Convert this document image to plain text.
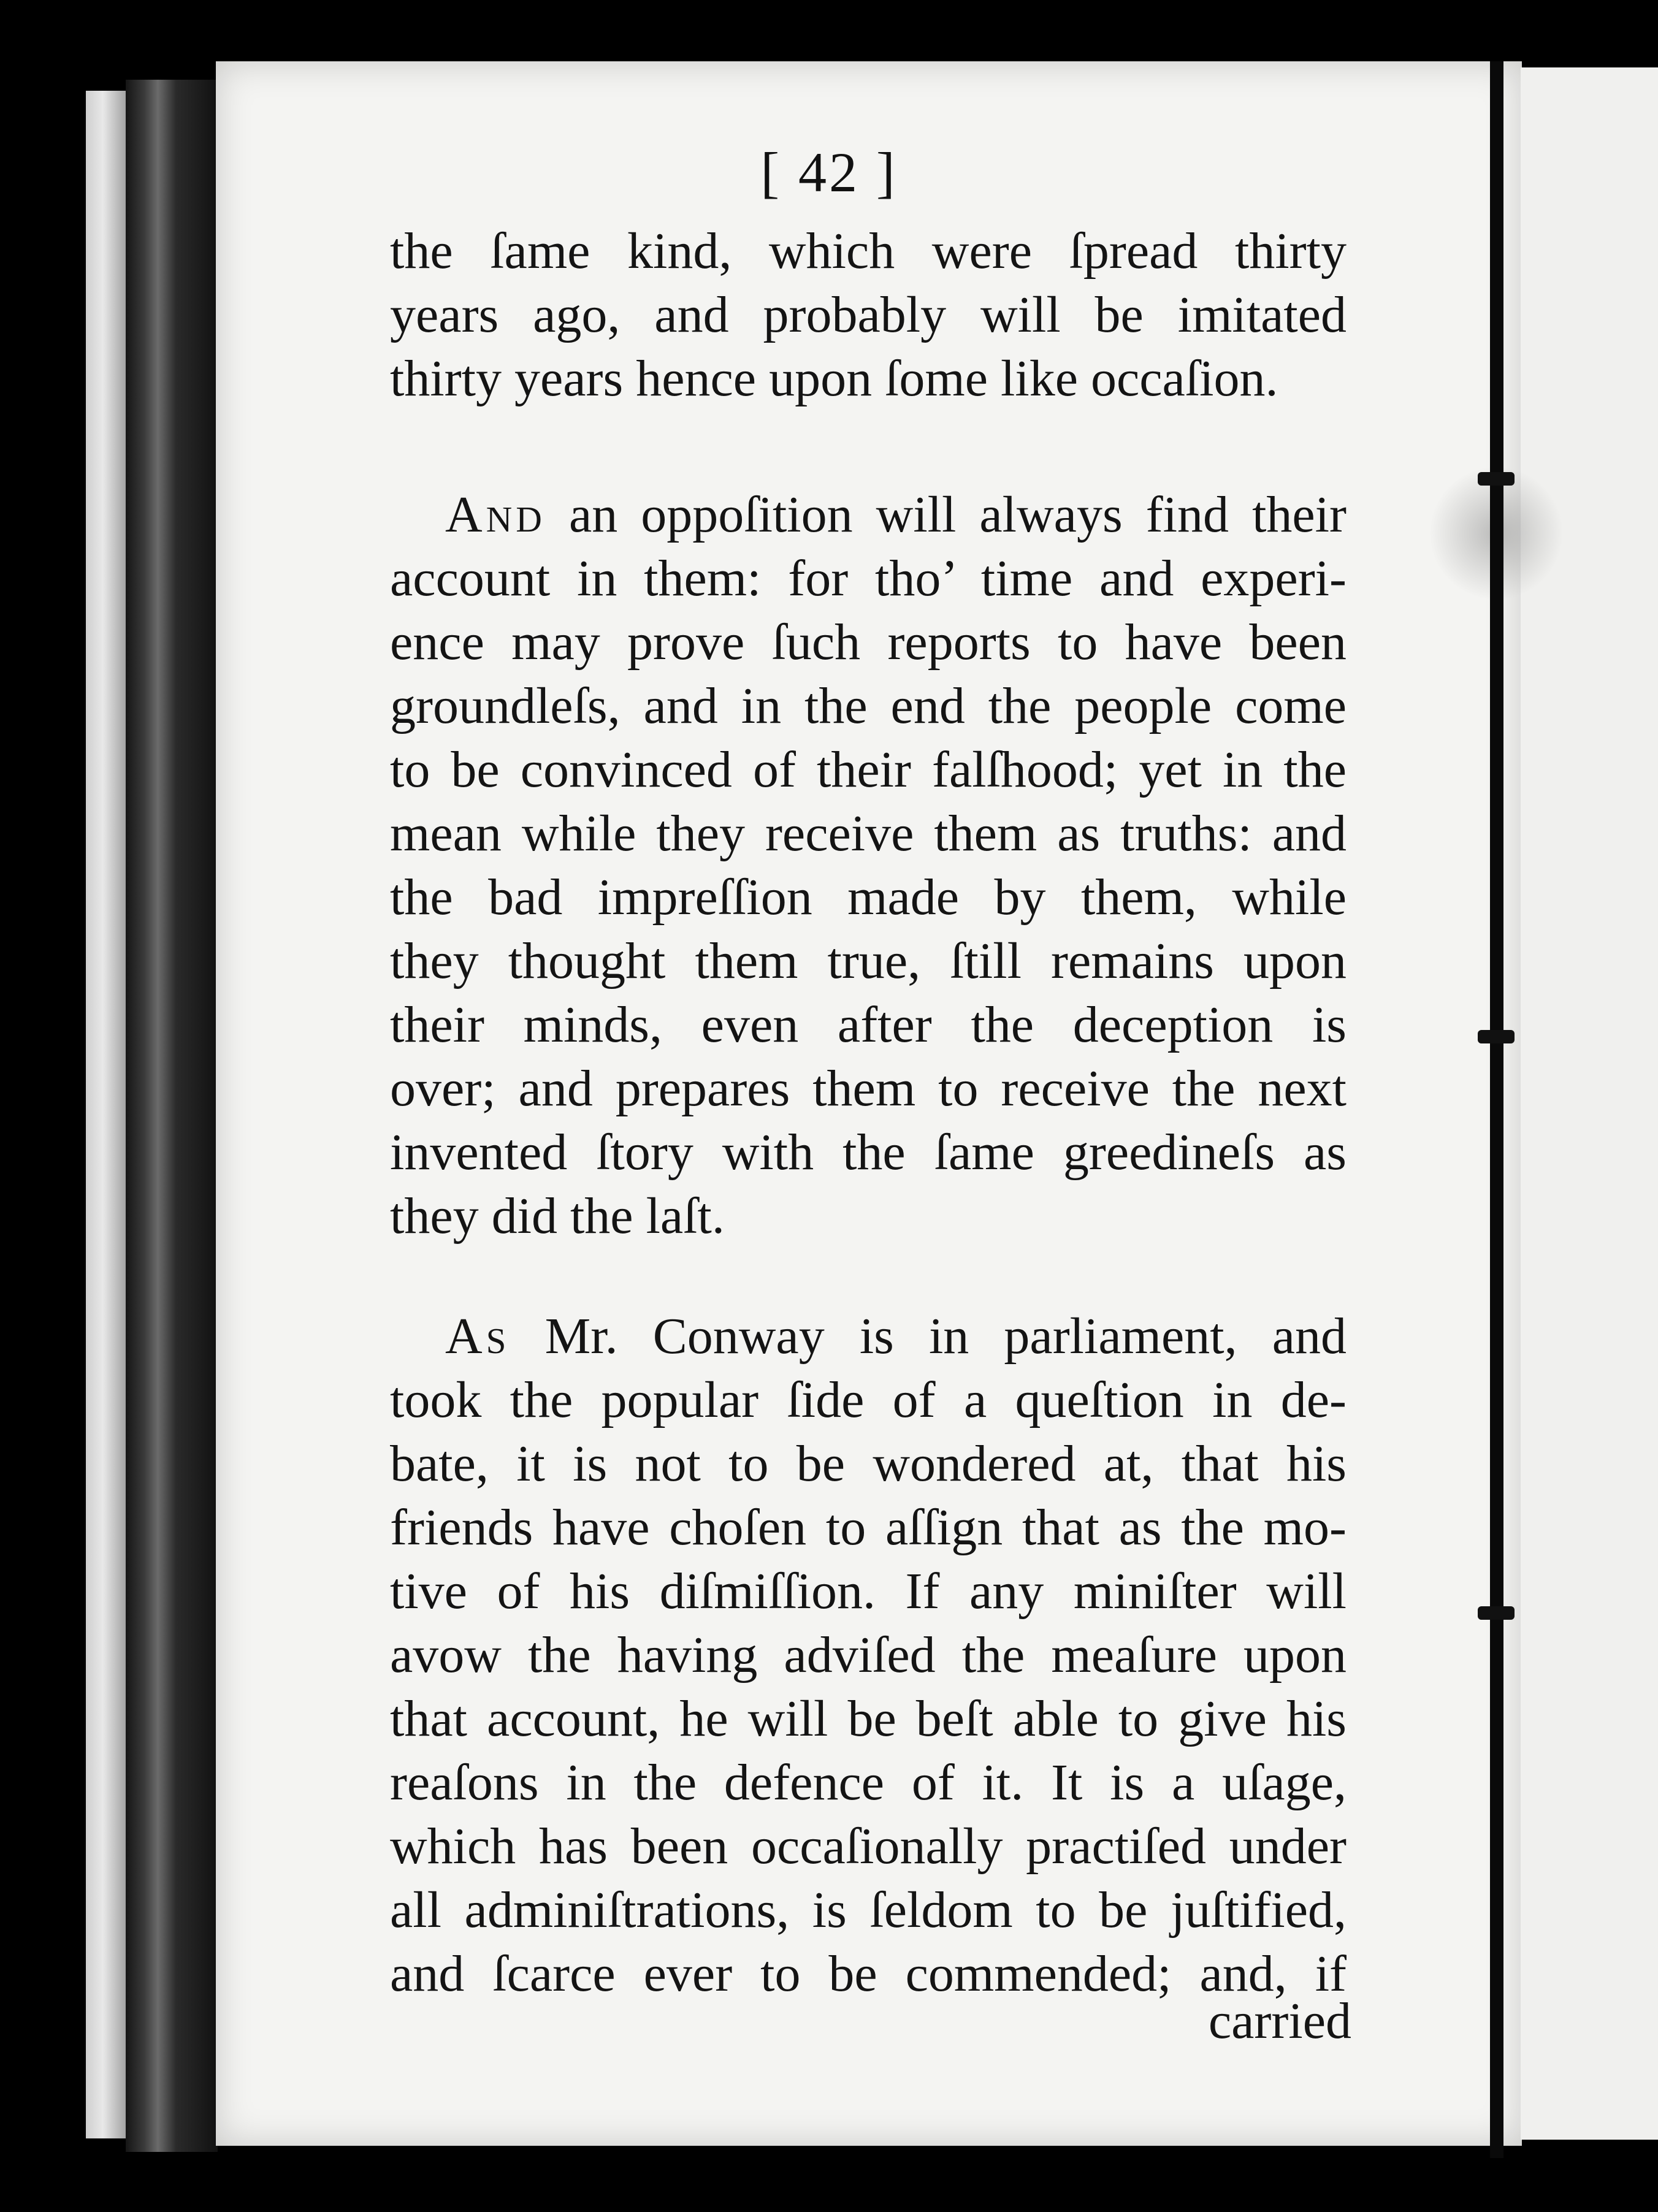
[ 42 ]
the ſame kind, which were ſpread thirty
years ago, and probably will be imitated
thirty years hence upon ſome like occaſion.
And an oppoſition will always find their
account in them: for tho’ time and experi-
ence may prove ſuch reports to have been
groundleſs, and in the end the people come
to be convinced of their falſhood; yet in the
mean while they receive them as truths: and
the bad impreſſion made by them, while
they thought them true, ſtill remains upon
their minds, even after the deception is
over; and prepares them to receive the next
invented ſtory with the ſame greedineſs as
they did the laſt.
As Mr. Conway is in parliament, and
took the popular ſide of a queſtion in de-
bate, it is not to be wondered at, that his
friends have choſen to aſſign that as the mo-
tive of his diſmiſſion. If any miniſter will
avow the having adviſed the meaſure upon
that account, he will be beſt able to give his
reaſons in the defence of it. It is a uſage,
which has been occaſionally practiſed under
all adminiſtrations, is ſeldom to be juſtified,
and ſcarce ever to be commended; and, if
carried
